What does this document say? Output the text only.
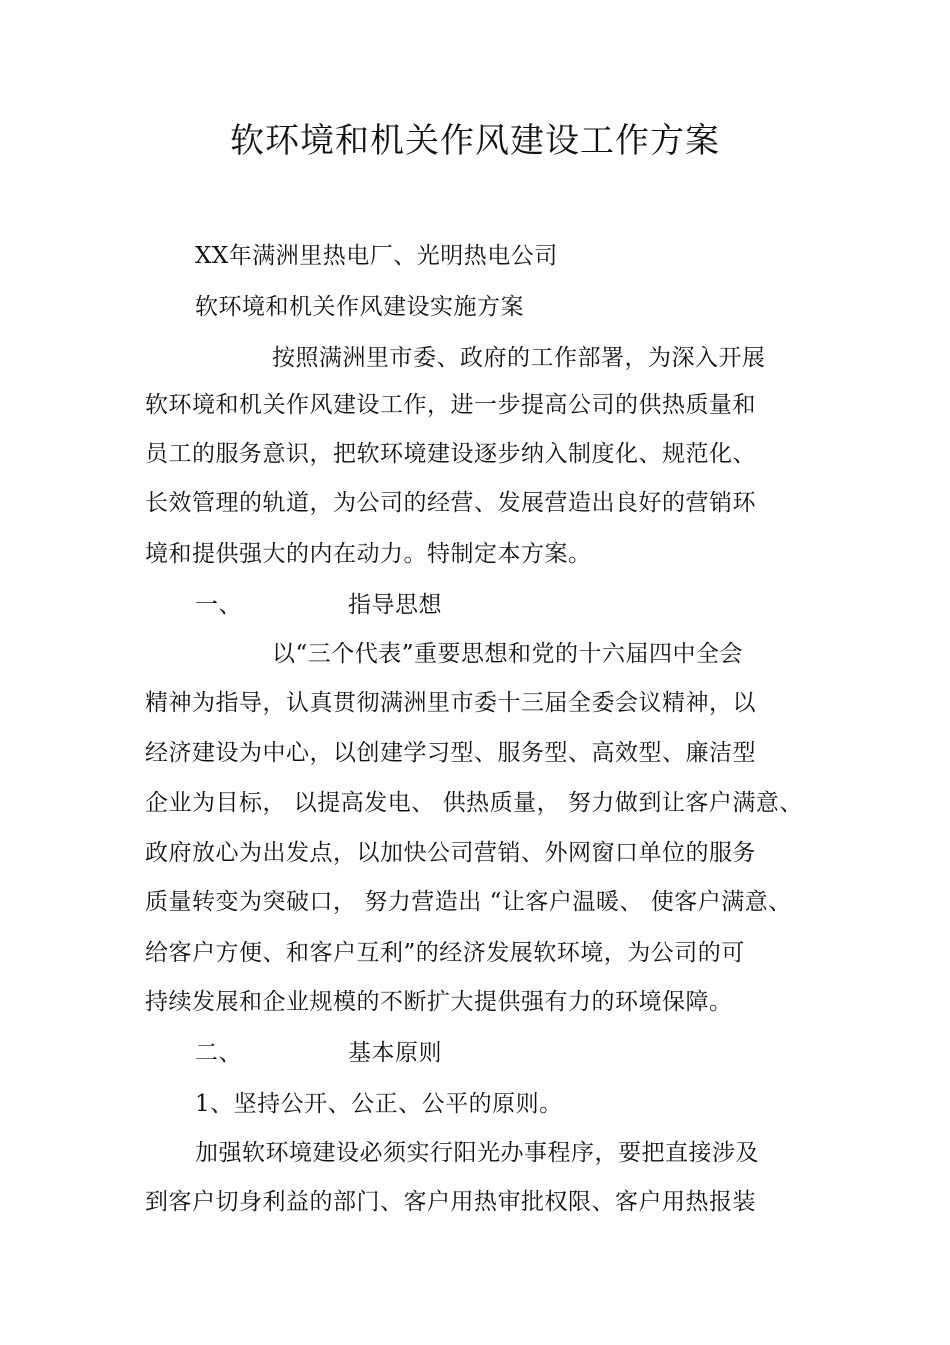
软环境和机关作风建设工作方案
XX年满洲里热电厂、光明热电公司
软环境和机关作风建设实施方案
按照满洲里市委、政府的工作部署，为深入开展
软环境和机关作风建设工作，进一步提高公司的供热质量和
员工的服务意识，把软环境建设逐步纳入制度化、规范化、
长效管理的轨道，为公司的经营、发展营造出良好的营销环
境和提供强大的内在动力。特制定本方案。
一、	指导思想
以“三个代表”重要思想和党的十六届四中全会
精神为指导，认真贯彻满洲里市委十三届全委会议精神，以
经济建设为中心，以创建学习型、服务型、高效型、廉洁型
企业为目标， 以提高发电、 供热质量， 努力做到让客户满意、
政府放心为出发点，以加快公司营销、外网窗口单位的服务
质量转变为突破口， 努力营造出 “让客户温暖、 使客户满意、
给客户方便、和客户互利”的经济发展软环境，为公司的可
持续发展和企业规模的不断扩大提供强有力的环境保障。
二、	基本原则
1、坚持公开、公正、公平的原则。
加强软环境建设必须实行阳光办事程序，要把直接涉及
到客户切身利益的部门、客户用热审批权限、客户用热报装
